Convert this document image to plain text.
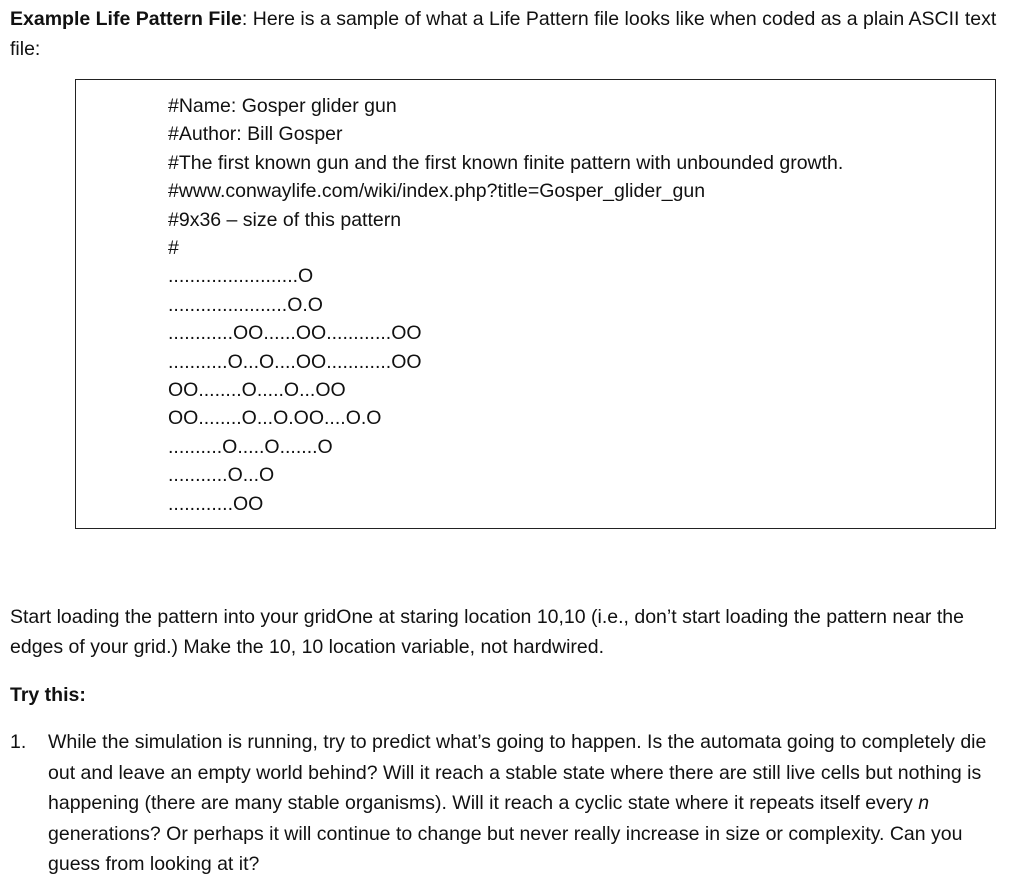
Example Life Pattern File: Here is a sample of what a Life Pattern file looks like when coded as a plain ASCII text file:

#Name: Gosper glider gun
#Author: Bill Gosper
#The first known gun and the first known finite pattern with unbounded growth.
#www.conwaylife.com/wiki/index.php?title=Gosper_glider_gun
#9x36 – size of this pattern
#
........................O
......................O.O
............OO......OO............OO
...........O...O....OO............OO
OO........O.....O...OO
OO........O...O.OO....O.O
..........O.....O.......O
...........O...O
............OO

Start loading the pattern into your gridOne at staring location 10,10 (i.e., don’t start loading the pattern near the edges of your grid.) Make the 10, 10 location variable, not hardwired.

Try this:

1.	While the simulation is running, try to predict what’s going to happen. Is the automata going to completely die out and leave an empty world behind? Will it reach a stable state where there are still live cells but nothing is happening (there are many stable organisms). Will it reach a cyclic state where it repeats itself every n generations? Or perhaps it will continue to change but never really increase in size or complexity. Can you guess from looking at it?
